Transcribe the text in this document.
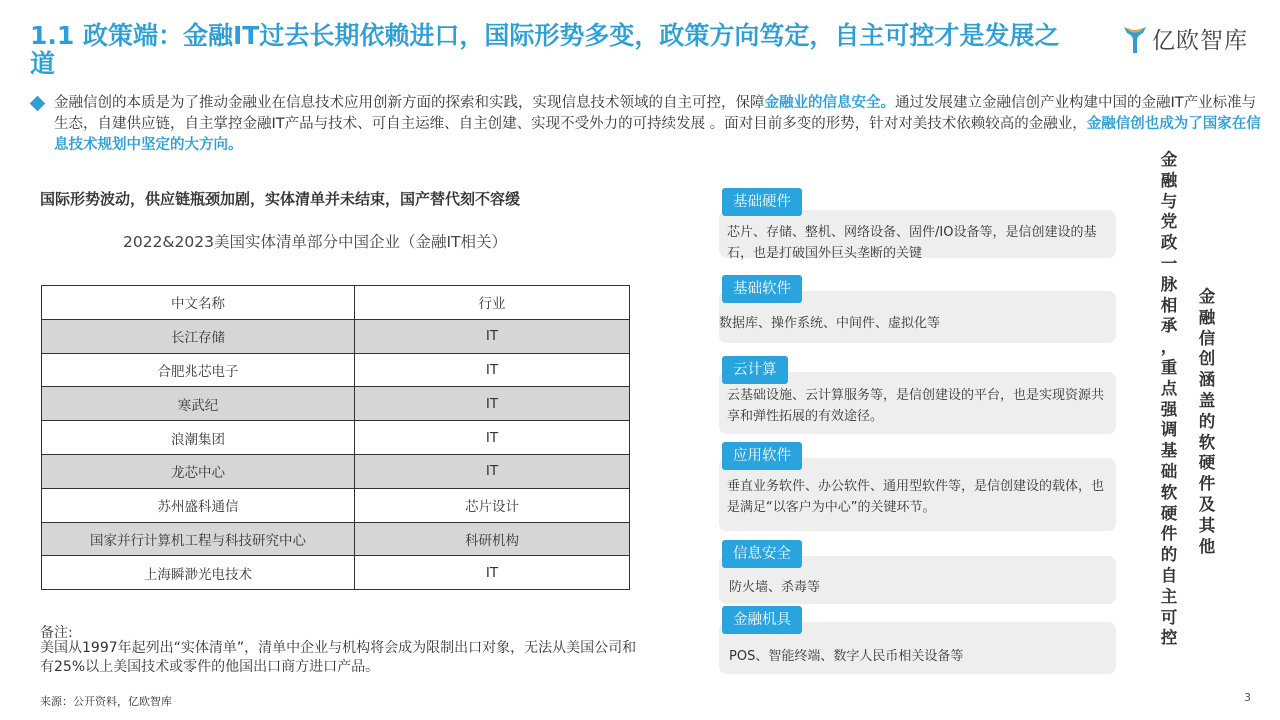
1.1 政策端：金融IT过去长期依赖进口，国际形势多变，政策方向笃定，自主可控才是发展之道
亿欧智库
金融信创的本质是为了推动金融业在信息技术应用创新方面的探索和实践，实现信息技术领域的自主可控，保障金融业的信息安全。通过发展建立金融信创产业构建中国的金融IT产业标准与生态，自建供应链，自主掌控金融IT产品与技术、可自主运维、自主创建、实现不受外力的可持续发展 。面对目前多变的形势，针对对美技术依赖较高的金融业，金融信创也成为了国家在信息技术规划中坚定的大方向。
国际形势波动，供应链瓶颈加剧，实体清单并未结束，国产替代刻不容缓
2022&2023美国实体清单部分中国企业（金融IT相关）
中文名称	行业
长江存储	IT
合肥兆芯电子	IT
寒武纪	IT
浪潮集团	IT
龙芯中心	IT
苏州盛科通信	芯片设计
国家并行计算机工程与科技研究中心	科研机构
上海瞬渺光电技术	IT
备注:
美国从1997年起列出“实体清单”，清单中企业与机构将会成为限制出口对象，无法从美国公司和有25%以上美国技术或零件的他国出口商方进口产品。
来源：公开资料，亿欧智库	3
基础硬件
芯片、存储、整机、网络设备、固件/IO设备等，是信创建设的基石，也是打破国外巨头垄断的关键
基础软件
数据库、操作系统、中间件、虚拟化等
云计算
云基础设施、云计算服务等，是信创建设的平台，也是实现资源共享和弹性拓展的有效途径。
应用软件
垂直业务软件、办公软件、通用型软件等，是信创建设的载体，也是满足“以客户为中心”的关键环节。
信息安全
防火墙、杀毒等
金融机具
POS、智能终端、数字人民币相关设备等
金
融
与
党
政
一
脉
相
承
，
重
点
强
调
基
础
软
硬
件
的
自
主
可
控
金
融
信
创
涵
盖
的
软
硬
件
及
其
他
